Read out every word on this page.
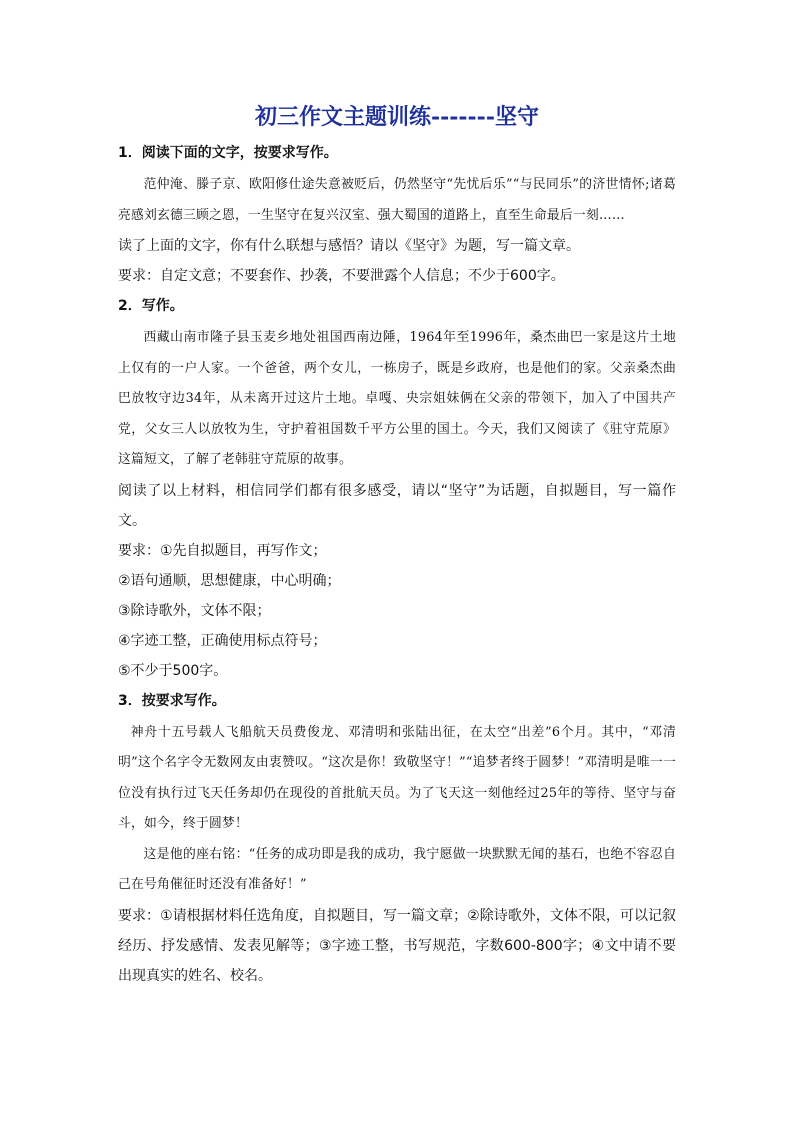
初三作文主题训练-------坚守

1．阅读下面的文字，按要求写作。

范仲淹、滕子京、欧阳修仕途失意被贬后，仍然坚守“先忧后乐”“与民同乐”的济世情怀;诸葛亮感刘玄德三顾之恩，一生坚守在复兴汉室、强大蜀国的道路上，直至生命最后一刻……

读了上面的文字，你有什么联想与感悟？请以《坚守》为题，写一篇文章。

要求：自定文意；不要套作、抄袭，不要泄露个人信息；不少于600字。

2．写作。

西藏山南市隆子县玉麦乡地处祖国西南边陲，1964年至1996年，桑杰曲巴一家是这片土地上仅有的一户人家。一个爸爸，两个女儿，一栋房子，既是乡政府，也是他们的家。父亲桑杰曲巴放牧守边34年，从未离开过这片土地。卓嘎、央宗姐妹俩在父亲的带领下，加入了中国共产党，父女三人以放牧为生，守护着祖国数千平方公里的国土。今天，我们又阅读了《驻守荒原》这篇短文，了解了老韩驻守荒原的故事。

阅读了以上材料，相信同学们都有很多感受，请以“坚守”为话题，自拟题目，写一篇作文。

要求：①先自拟题目，再写作文；

②语句通顺，思想健康，中心明确；

③除诗歌外，文体不限；

④字迹工整，正确使用标点符号；

⑤不少于500字。

3．按要求写作。

神舟十五号载人飞船航天员费俊龙、邓清明和张陆出征，在太空“出差”6个月。其中，“邓清明”这个名字令无数网友由衷赞叹。“这次是你！致敬坚守！”“追梦者终于圆梦！”邓清明是唯一一位没有执行过飞天任务却仍在现役的首批航天员。为了飞天这一刻他经过25年的等待、坚守与奋斗，如今，终于圆梦！

这是他的座右铭：“任务的成功即是我的成功，我宁愿做一块默默无闻的基石，也绝不容忍自己在号角催征时还没有准备好！”

要求：①请根据材料任选角度，自拟题目，写一篇文章；②除诗歌外，文体不限，可以记叙经历、抒发感情、发表见解等；③字迹工整，书写规范，字数600-800字；④文中请不要出现真实的姓名、校名。
